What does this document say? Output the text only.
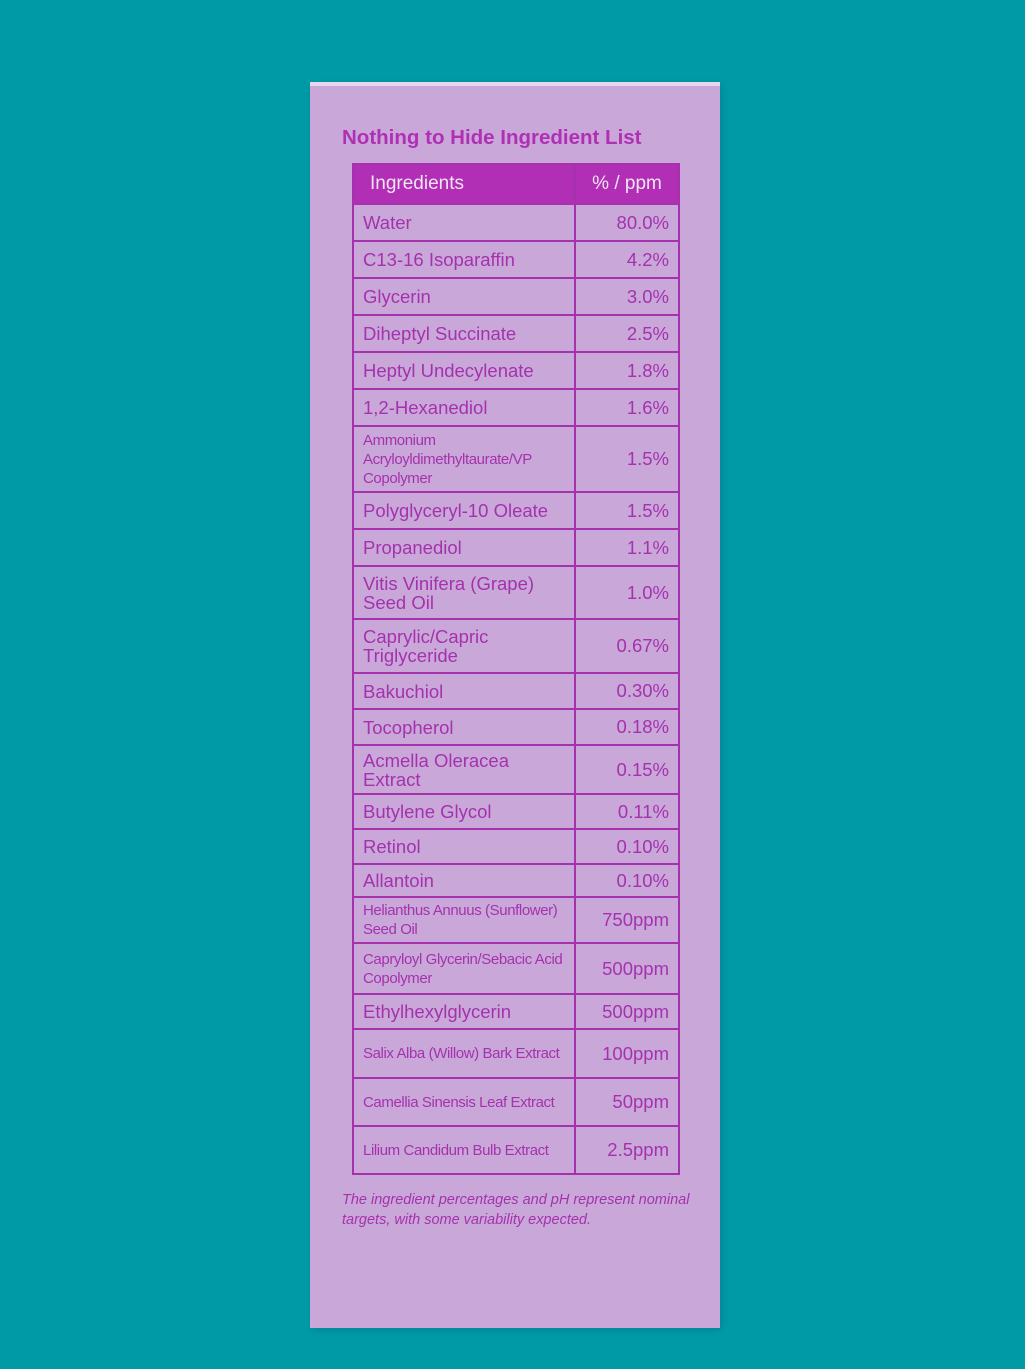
Nothing to Hide Ingredient List
Ingredients	% / ppm
Water	80.0%
C13-16 Isoparaffin	4.2%
Glycerin	3.0%
Diheptyl Succinate	2.5%
Heptyl Undecylenate	1.8%
1,2-Hexanediol	1.6%
Ammonium Acryloyldimethyltaurate/VP Copolymer	1.5%
Polyglyceryl-10 Oleate	1.5%
Propanediol	1.1%
Vitis Vinifera (Grape) Seed Oil	1.0%
Caprylic/Capric Triglyceride	0.67%
Bakuchiol	0.30%
Tocopherol	0.18%
Acmella Oleracea Extract	0.15%
Butylene Glycol	0.11%
Retinol	0.10%
Allantoin	0.10%
Helianthus Annuus (Sunflower) Seed Oil	750ppm
Capryloyl Glycerin/Sebacic Acid Copolymer	500ppm
Ethylhexylglycerin	500ppm
Salix Alba (Willow) Bark Extract	100ppm
Camellia Sinensis Leaf Extract	50ppm
Lilium Candidum Bulb Extract	2.5ppm

The ingredient percentages and pH represent nominal targets, with some variability expected.
